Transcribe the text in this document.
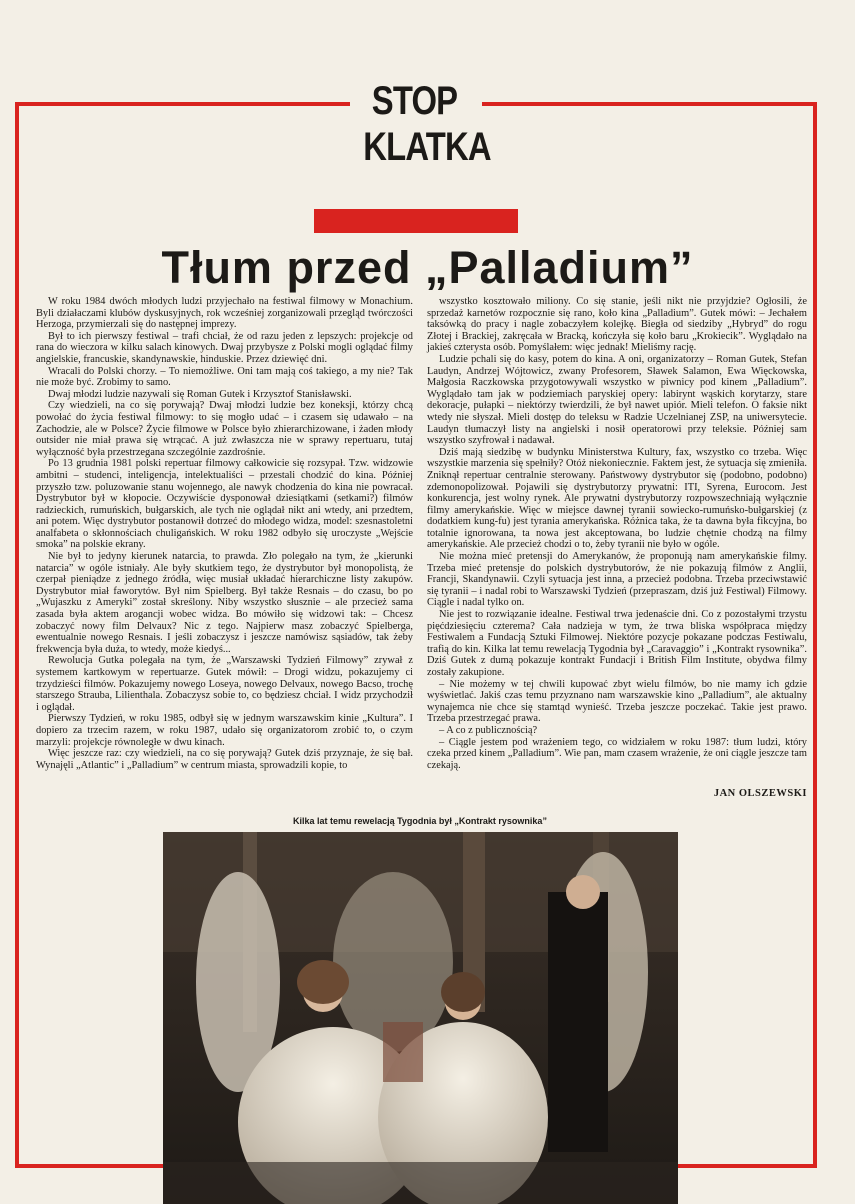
STOP
KLATKA
Tłum przed „Palladium”

W roku 1984 dwóch młodych ludzi przyjechało na festiwal filmowy w Monachium. Byli działaczami klubów dyskusyjnych, rok wcześniej zorganizowali przegląd twórczości Herzoga, przymierzali się do następnej imprezy.

Był to ich pierwszy festiwal – trafi chciał, że od razu jeden z lepszych: projekcje od rana do wieczora w kilku salach kinowych. Dwaj przybysze z Polski mogli oglądać filmy angielskie, francuskie, skandynawskie, hinduskie. Przez dziewięć dni.

Wracali do Polski chorzy. – To niemożliwe. Oni tam mają coś takiego, a my nie? Tak nie może być. Zrobimy to samo.

Dwaj młodzi ludzie nazywali się Roman Gutek i Krzysztof Stanisławski.

Czy wiedzieli, na co się porywają? Dwaj młodzi ludzie bez koneksji, którzy chcą powołać do życia festiwal filmowy: to się mogło udać – i czasem się udawało – na Zachodzie, ale w Polsce? Życie filmowe w Polsce było zhierarchizowane, i żaden młody outsider nie miał prawa się wtrącać. A już zwłaszcza nie w sprawy repertuaru, tutaj wyłączność była przestrzegana szczególnie zazdrośnie.

Po 13 grudnia 1981 polski repertuar filmowy całkowicie się rozsypał. Tzw. widzowie ambitni – studenci, inteligencja, intelektualiści – przestali chodzić do kina. Później przyszło tzw. poluzowanie stanu wojennego, ale nawyk chodzenia do kina nie powracał. Dystrybutor był w kłopocie. Oczywiście dysponował dziesiątkami (setkami?) filmów radzieckich, rumuńskich, bułgarskich, ale tych nie oglądał nikt ani wtedy, ani przedtem, ani potem. Więc dystrybutor postanowił dotrzeć do młodego widza, model: szesnastoletni analfabeta o skłonnościach chuligańskich. W roku 1982 odbyło się uroczyste „Wejście smoka” na polskie ekrany.

Nie był to jedyny kierunek natarcia, to prawda. Zło polegało na tym, że „kierunki natarcia” w ogóle istniały. Ale były skutkiem tego, że dystrybutor był monopolistą, że czerpał pieniądze z jednego źródła, więc musiał układać hierarchiczne listy zakupów. Dystrybutor miał faworytów. Był nim Spielberg. Był także Resnais – do czasu, bo po „Wujaszku z Ameryki” został skreślony. Niby wszystko słusznie – ale przecież sama zasada była aktem arogancji wobec widza. Bo mówiło się widzowi tak: – Chcesz zobaczyć nowy film Delvaux? Nic z tego. Najpierw masz zobaczyć Spielberga, ewentualnie nowego Resnais. I jeśli zobaczysz i jeszcze namówisz sąsiadów, tak żeby frekwencja była duża, to wtedy, może kiedyś...

Rewolucja Gutka polegała na tym, że „Warszawski Tydzień Filmowy” zrywał z systemem kartkowym w repertuarze. Gutek mówił: – Drogi widzu, pokazujemy ci trzydzieści filmów. Pokazujemy nowego Loseya, nowego Delvaux, nowego Bacso, trochę starszego Strauba, Lilienthala. Zobaczysz sobie to, co będziesz chciał. I widz przychodził i oglądał.

Pierwszy Tydzień, w roku 1985, odbył się w jednym warszawskim kinie „Kultura”. I dopiero za trzecim razem, w roku 1987, udało się organizatorom zrobić to, o czym marzyli: projekcje równoległe w dwu kinach.

Więc jeszcze raz: czy wiedzieli, na co się porywają? Gutek dziś przyznaje, że się bał. Wynajęli „Atlantic” i „Palladium” w centrum miasta, sprowadzili kopie, to

wszystko kosztowało miliony. Co się stanie, jeśli nikt nie przyjdzie? Ogłosili, że sprzedaż karnetów rozpocznie się rano, koło kina „Palladium”. Gutek mówi: – Jechałem taksówką do pracy i nagle zobaczyłem kolejkę. Biegła od siedziby „Hybryd” do rogu Złotej i Brackiej, zakręcała w Bracką, kończyła się koło baru „Krokiecik”. Wyglądało na jakieś czterysta osób. Pomyślałem: więc jednak! Mieliśmy rację.

Ludzie pchali się do kasy, potem do kina. A oni, organizatorzy – Roman Gutek, Stefan Laudyn, Andrzej Wójtowicz, zwany Profesorem, Sławek Salamon, Ewa Więckowska, Małgosia Raczkowska przygotowywali wszystko w piwnicy pod kinem „Palladium”. Wyglądało tam jak w podziemiach paryskiej opery: labirynt wąskich korytarzy, stare dekoracje, pułapki – niektórzy twierdzili, że był nawet upiór. Mieli telefon. O faksie nikt wtedy nie słyszał. Mieli dostęp do teleksu w Radzie Uczelnianej ZSP, na uniwersytecie. Laudyn tłumaczył listy na angielski i nosił operatorowi przy teleksie. Później sam wszystko szyfrował i nadawał.

Dziś mają siedzibę w budynku Ministerstwa Kultury, fax, wszystko co trzeba. Więc wszystkie marzenia się spełniły? Otóż niekoniecznie. Faktem jest, że sytuacja się zmieniła. Zniknął repertuar centralnie sterowany. Państwowy dystrybutor się (podobno, podobno) zdemonopolizował. Pojawili się dystrybutorzy prywatni: ITI, Syrena, Eurocom. Jest konkurencja, jest wolny rynek. Ale prywatni dystrybutorzy rozpowszechniają wyłącznie filmy amerykańskie. Więc w miejsce dawnej tyranii sowiecko-rumuńsko-bułgarskiej (z dodatkiem kung-fu) jest tyrania amerykańska. Różnica taka, że ta dawna była fikcyjna, bo totalnie ignorowana, ta nowa jest akceptowana, bo ludzie chętnie chodzą na filmy amerykańskie. Ale przecież chodzi o to, żeby tyranii nie było w ogóle.

Nie można mieć pretensji do Amerykanów, że proponują nam amerykańskie filmy. Trzeba mieć pretensje do polskich dystrybutorów, że nie pokazują filmów z Anglii, Francji, Skandynawii. Czyli sytuacja jest inna, a przecież podobna. Trzeba przeciwstawić się tyranii – i nadal robi to Warszawski Tydzień (przepraszam, dziś już Festiwal) Filmowy. Ciągle i nadal tylko on.

Nie jest to rozwiązanie idealne. Festiwal trwa jedenaście dni. Co z pozostałymi trzystu pięćdziesięciu czterema? Cała nadzieja w tym, że trwa bliska współpraca między Festiwalem a Fundacją Sztuki Filmowej. Niektóre pozycje pokazane podczas Festiwalu, trafią do kin. Kilka lat temu rewelacją Tygodnia był „Caravaggio” i „Kontrakt rysownika”. Dziś Gutek z dumą pokazuje kontrakt Fundacji i British Film Institute, obydwa filmy zostały zakupione.

– Nie możemy w tej chwili kupować zbyt wielu filmów, bo nie mamy ich gdzie wyświetlać. Jakiś czas temu przyznano nam warszawskie kino „Palladium”, ale aktualny wynajemca nie chce się stamtąd wynieść. Trzeba jeszcze poczekać. Takie jest prawo. Trzeba przestrzegać prawa.

– A co z publicznością?

– Ciągle jestem pod wrażeniem tego, co widziałem w roku 1987: tłum ludzi, który czeka przed kinem „Palladium”. Wie pan, mam czasem wrażenie, że oni ciągle jeszcze tam czekają.

JAN OLSZEWSKI
Kilka lat temu rewelacją Tygodnia był „Kontrakt rysownika”
